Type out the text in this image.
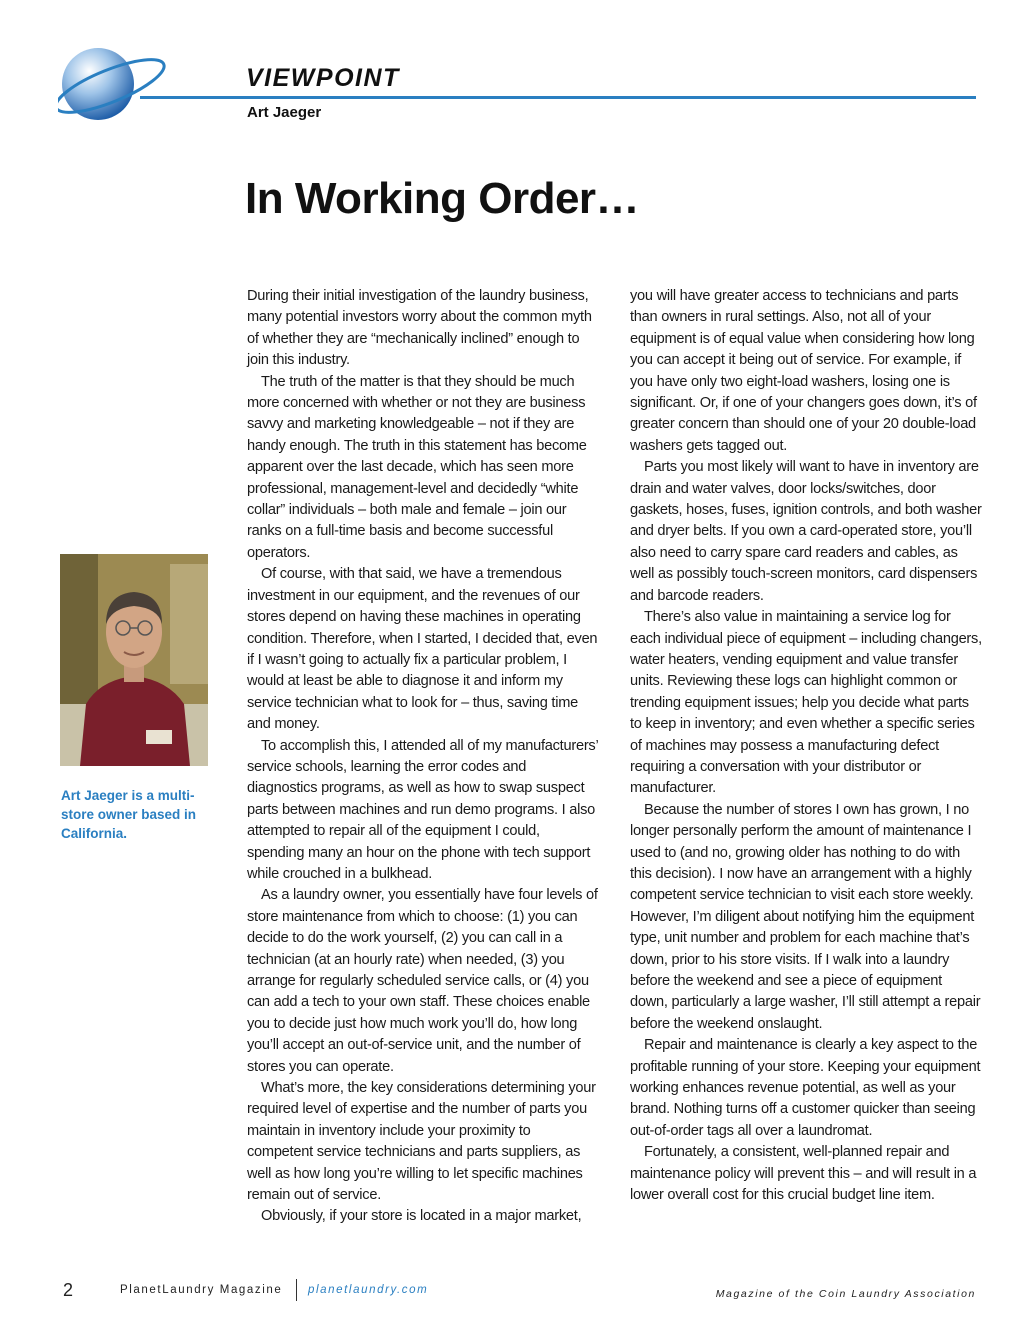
VIEWPOINT
Art Jaeger
In Working Order…

During their initial investigation of the laundry business, many potential investors worry about the common myth of whether they are “mechanically inclined” enough to join this industry.

The truth of the matter is that they should be much more concerned with whether or not they are business savvy and marketing knowledgeable – not if they are handy enough. The truth in this statement has become apparent over the last decade, which has seen more professional, management-level and decidedly “white collar” individuals – both male and female – join our ranks on a full-time basis and become successful operators.

Of course, with that said, we have a tremendous investment in our equipment, and the revenues of our stores depend on having these machines in operating condition. Therefore, when I started, I decided that, even if I wasn’t going to actually fix a particular problem, I would at least be able to diagnose it and inform my service technician what to look for – thus, saving time and money.

To accomplish this, I attended all of my manufacturers’ service schools, learning the error codes and diagnostics programs, as well as how to swap suspect parts between machines and run demo programs. I also attempted to repair all of the equipment I could, spending many an hour on the phone with tech support while crouched in a bulkhead.

As a laundry owner, you essentially have four levels of store maintenance from which to choose: (1) you can decide to do the work yourself, (2) you can call in a technician (at an hourly rate) when needed, (3) you arrange for regularly scheduled service calls, or (4) you can add a tech to your own staff. These choices enable you to decide just how much work you’ll do, how long you’ll accept an out-of-service unit, and the number of stores you can operate.

What’s more, the key considerations determining your required level of expertise and the number of parts you maintain in inventory include your proximity to competent service technicians and parts suppliers, as well as how long you’re willing to let specific machines remain out of service.

Obviously, if your store is located in a major market,

you will have greater access to technicians and parts than owners in rural settings. Also, not all of your equipment is of equal value when considering how long you can accept it being out of service. For example, if you have only two eight-load washers, losing one is significant. Or, if one of your changers goes down, it’s of greater concern than should one of your 20 double-load washers gets tagged out.

Parts you most likely will want to have in inventory are drain and water valves, door locks/switches, door gaskets, hoses, fuses, ignition controls, and both washer and dryer belts. If you own a card-operated store, you’ll also need to carry spare card readers and cables, as well as possibly touch-screen monitors, card dispensers and barcode readers.

There’s also value in maintaining a service log for each individual piece of equipment – including changers, water heaters, vending equipment and value transfer units. Reviewing these logs can highlight common or trending equipment issues; help you decide what parts to keep in inventory; and even whether a specific series of machines may possess a manufacturing defect requiring a conversation with your distributor or manufacturer.

Because the number of stores I own has grown, I no longer personally perform the amount of maintenance I used to (and no, growing older has nothing to do with this decision). I now have an arrangement with a highly competent service technician to visit each store weekly. However, I’m diligent about notifying him the equipment type, unit number and problem for each machine that’s down, prior to his store visits. If I walk into a laundry before the weekend and see a piece of equipment down, particularly a large washer, I’ll still attempt a repair before the weekend onslaught.

Repair and maintenance is clearly a key aspect to the profitable running of your store. Keeping your equipment working enhances revenue potential, as well as your brand. Nothing turns off a customer quicker than seeing out-of-order tags all over a laundromat.

Fortunately, a consistent, well-planned repair and maintenance policy will prevent this – and will result in a lower overall cost for this crucial budget line item.

Art Jaeger is a multi-store owner based in California.
2	PlanetLaundry Magazine planetlaundry.com	Magazine of the Coin Laundry Association
